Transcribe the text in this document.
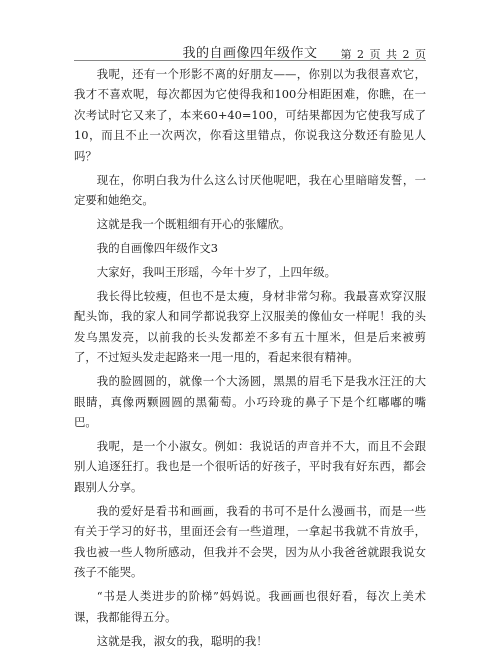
我的自画像四年级作文	第 2 页 共 2 页

我呢，还有一个形影不离的好朋友——，你别以为我很喜欢它，我才不喜欢呢，每次都因为它使得我和100分相距困难，你瞧，在一次考试时它又来了，本来60+40=100，可结果都因为它使我写成了10，而且不止一次两次，你看这里错点，你说我这分数还有脸见人吗？

现在，你明白我为什么这么讨厌他呢吧，我在心里暗暗发誓，一定要和她绝交。

这就是我一个既粗细有开心的张耀欣。

我的自画像四年级作文3

大家好，我叫王形瑶，今年十岁了，上四年级。

我长得比较瘦，但也不是太瘦，身材非常匀称。我最喜欢穿汉服配头饰，我的家人和同学都说我穿上汉服美的像仙女一样呢！我的头发乌黑发亮，以前我的长头发都差不多有五十厘米，但是后来被剪了，不过短头发走起路来一甩一甩的，看起来很有精神。

我的脸圆圆的，就像一个大汤圆，黑黑的眉毛下是我水汪汪的大眼睛，真像两颗圆圆的黑葡萄。小巧玲珑的鼻子下是个红嘟嘟的嘴巴。

我呢，是一个小淑女。例如：我说话的声音并不大，而且不会跟别人追逐狂打。我也是一个很听话的好孩子，平时我有好东西，都会跟别人分享。

我的爱好是看书和画画，我看的书可不是什么漫画书，而是一些有关于学习的好书，里面还会有一些道理，一拿起书我就不肯放手，我也被一些人物所感动，但我并不会哭，因为从小我爸爸就跟我说女孩子不能哭。

“书是人类进步的阶梯”妈妈说。我画画也很好看，每次上美术课，我都能得五分。

这就是我，淑女的我，聪明的我！
